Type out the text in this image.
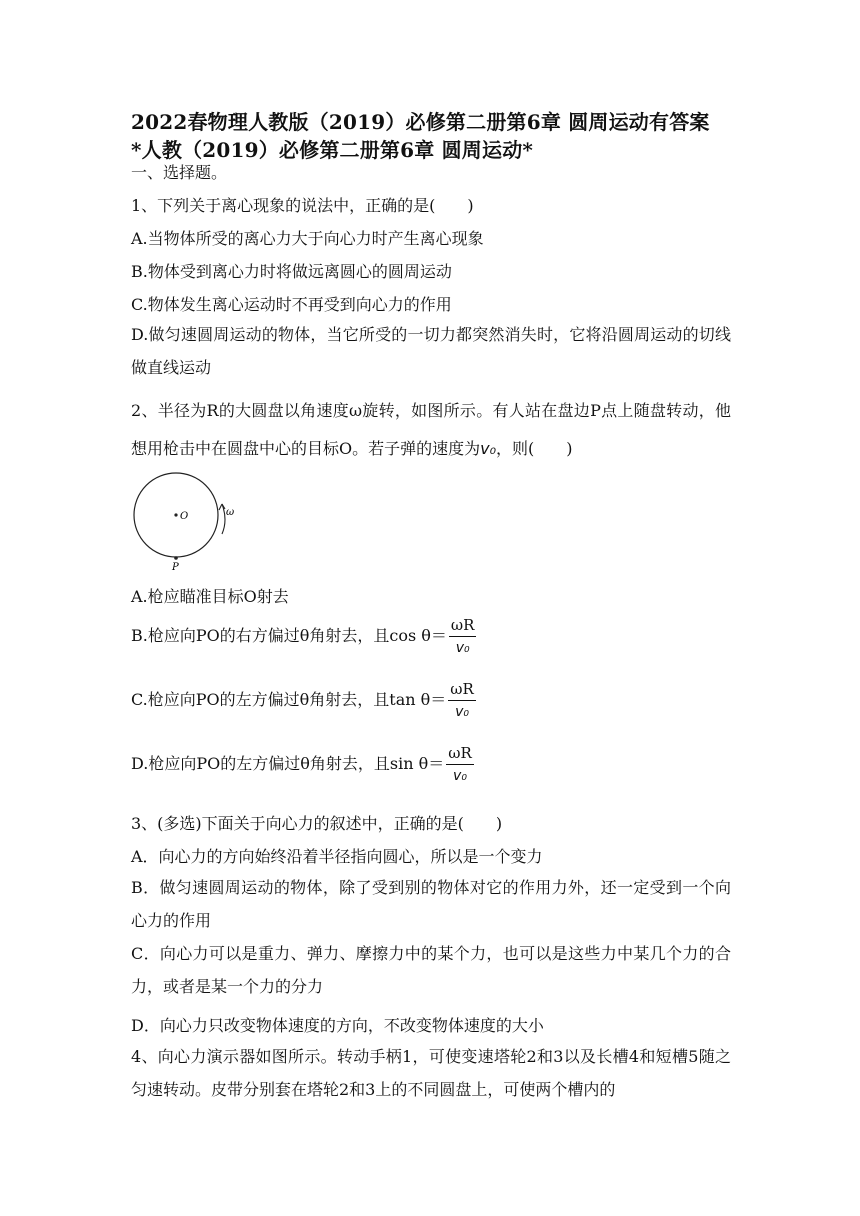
2022春物理人教版（2019）必修第二册第6章 圆周运动有答案
*人教（2019）必修第二册第6章 圆周运动*
一、选择题。
1、下列关于离心现象的说法中，正确的是(　　)
A.当物体所受的离心力大于向心力时产生离心现象
B.物体受到离心力时将做远离圆心的圆周运动
C.物体发生离心运动时不再受到向心力的作用
D.做匀速圆周运动的物体，当它所受的一切力都突然消失时，它将沿圆周运动的切线做直线运动
2、半径为R的大圆盘以角速度ω旋转，如图所示。有人站在盘边P点上随盘转动，他想用枪击中在圆盘中心的目标O。若子弹的速度为v₀，则(　　)
O
P
ω
A.枪应瞄准目标O射去
B.枪应向PO的右方偏过θ角射去，且$\cos \theta= \frac{\omega R}{\text{v₀}}$
C.枪应向PO的左方偏过θ角射去，且$\tan \theta= \frac{\omega R}{\text{v₀}}$
D.枪应向PO的左方偏过θ角射去，且$\sin \theta= \frac{\omega R}{\text{v₀}}$
3、(多选)下面关于向心力的叙述中，正确的是(　　)
A．向心力的方向始终沿着半径指向圆心，所以是一个变力
B．做匀速圆周运动的物体，除了受到别的物体对它的作用力外，还一定受到一个向心力的作用
C．向心力可以是重力、弹力、摩擦力中的某个力，也可以是这些力中某几个力的合力，或者是某一个力的分力
D．向心力只改变物体速度的方向，不改变物体速度的大小
4、向心力演示器如图所示。转动手柄1，可使变速塔轮2和3以及长槽4和短槽5随之匀速转动。皮带分别套在塔轮2和3上的不同圆盘上，可使两个槽内的
